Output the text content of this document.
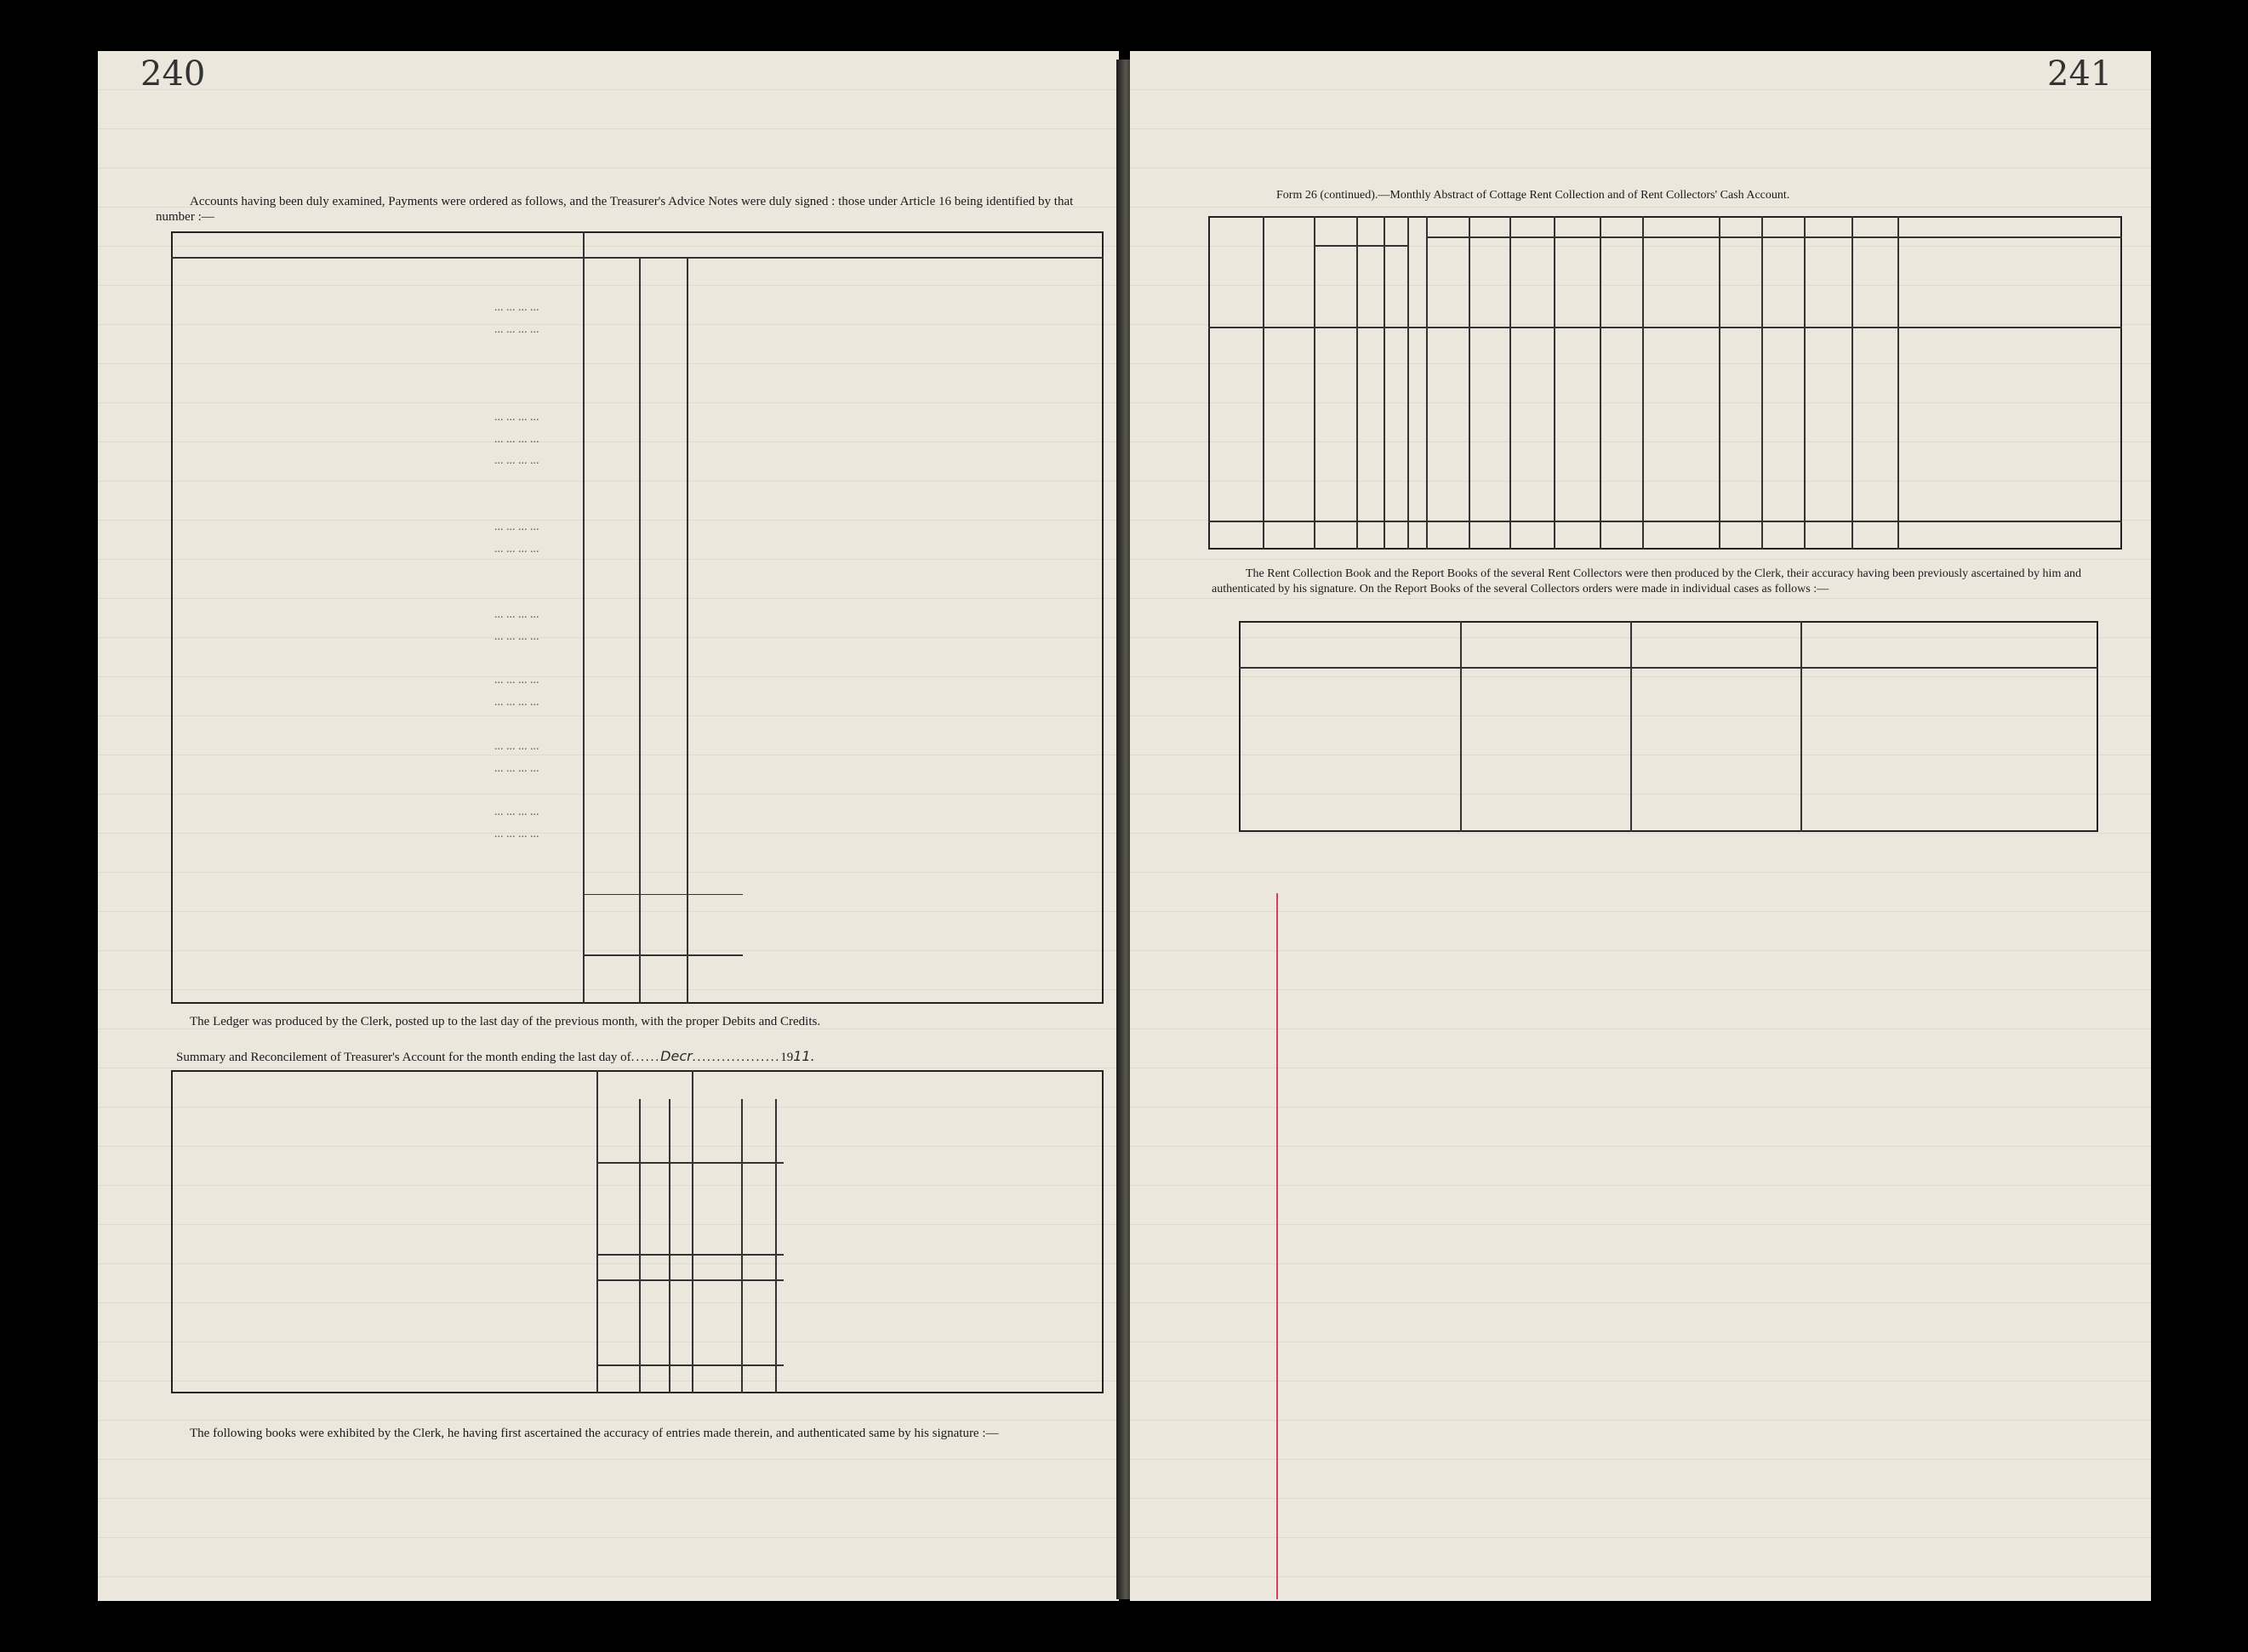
240
Accounts having been duly examined, Payments were ordered as follows, and the Treasurer's Advice Notes were duly signed : those under Article 16 being identified by that number :—
The Ledger was produced by the Clerk, posted up to the last day of the previous month, with the proper Debits and Credits.
Summary and Reconcilement of Treasurer's Account for the month ending the last day of......Decr..................1911.
The following books were exhibited by the Clerk, he having first ascertained the accuracy of entries made therein, and authenticated same by his signature :—
... ... ... ...
... ... ... ...
... ... ... ...
... ... ... ...
... ... ... ...
... ... ... ...
... ... ... ...
... ... ... ...
... ... ... ...
... ... ... ...
... ... ... ...
... ... ... ...
... ... ... ...
... ... ... ...
... ... ... ...
241
Form 26 (continued).—Monthly Abstract of Cottage Rent Collection and of Rent Collectors' Cash Account.
The Rent Collection Book and the Report Books of the several Rent Collectors were then produced by the Clerk, their accuracy having been previously ascertained by him and authenticated by his signature. On the Report Books of the several Collectors orders were made in individual cases as follows :—
